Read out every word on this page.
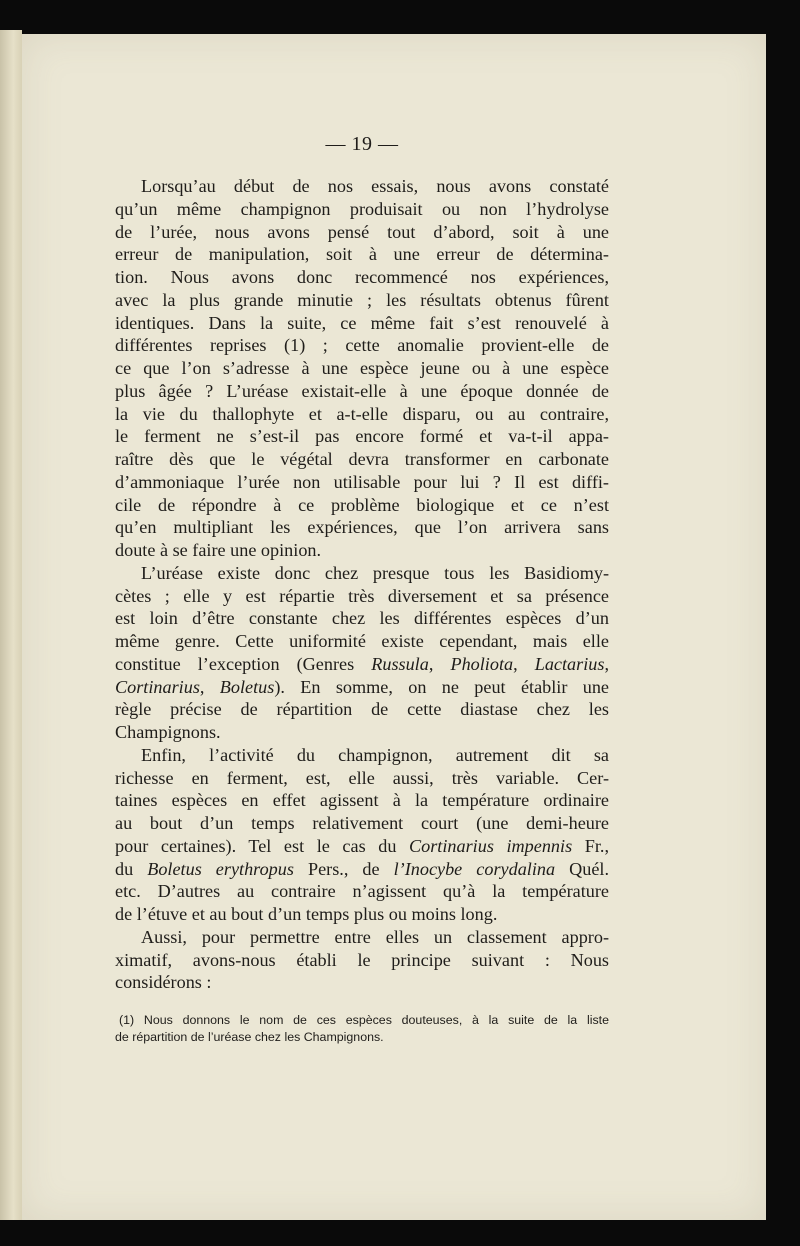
— 19 —

Lorsqu’au début de nos essais, nous avons constaté
qu’un même champignon produisait ou non l’hydrolyse
de l’urée, nous avons pensé tout d’abord, soit à une
erreur de manipulation, soit à une erreur de détermina-
tion. Nous avons donc recommencé nos expériences,
avec la plus grande minutie ; les résultats obtenus fûrent
identiques. Dans la suite, ce même fait s’est renouvelé à
différentes reprises (1) ; cette anomalie provient-elle de
ce que l’on s’adresse à une espèce jeune ou à une espèce
plus âgée ? L’uréase existait-elle à une époque donnée de
la vie du thallophyte et a-t-elle disparu, ou au contraire,
le ferment ne s’est-il pas encore formé et va-t-il appa-
raître dès que le végétal devra transformer en carbonate
d’ammoniaque l’urée non utilisable pour lui ? Il est diffi-
cile de répondre à ce problème biologique et ce n’est
qu’en multipliant les expériences, que l’on arrivera sans
doute à se faire une opinion.

L’uréase existe donc chez presque tous les Basidiomy-
cètes ; elle y est répartie très diversement et sa présence
est loin d’être constante chez les différentes espèces d’un
même genre. Cette uniformité existe cependant, mais elle
constitue l’exception (Genres Russula, Pholiota, Lactarius,
Cortinarius, Boletus). En somme, on ne peut établir une
règle précise de répartition de cette diastase chez les
Champignons.

Enfin, l’activité du champignon, autrement dit sa
richesse en ferment, est, elle aussi, très variable. Cer-
taines espèces en effet agissent à la température ordinaire
au bout d’un temps relativement court (une demi-heure
pour certaines). Tel est le cas du Cortinarius impennis Fr.,
du Boletus erythropus Pers., de l’Inocybe corydalina Quél.
etc. D’autres au contraire n’agissent qu’à la température
de l’étuve et au bout d’un temps plus ou moins long.

Aussi, pour permettre entre elles un classement appro-
ximatif, avons-nous établi le principe suivant : Nous
considérons :

(1) Nous donnons le nom de ces espèces douteuses, à la suite de la liste
de répartition de l’uréase chez les Champignons.
